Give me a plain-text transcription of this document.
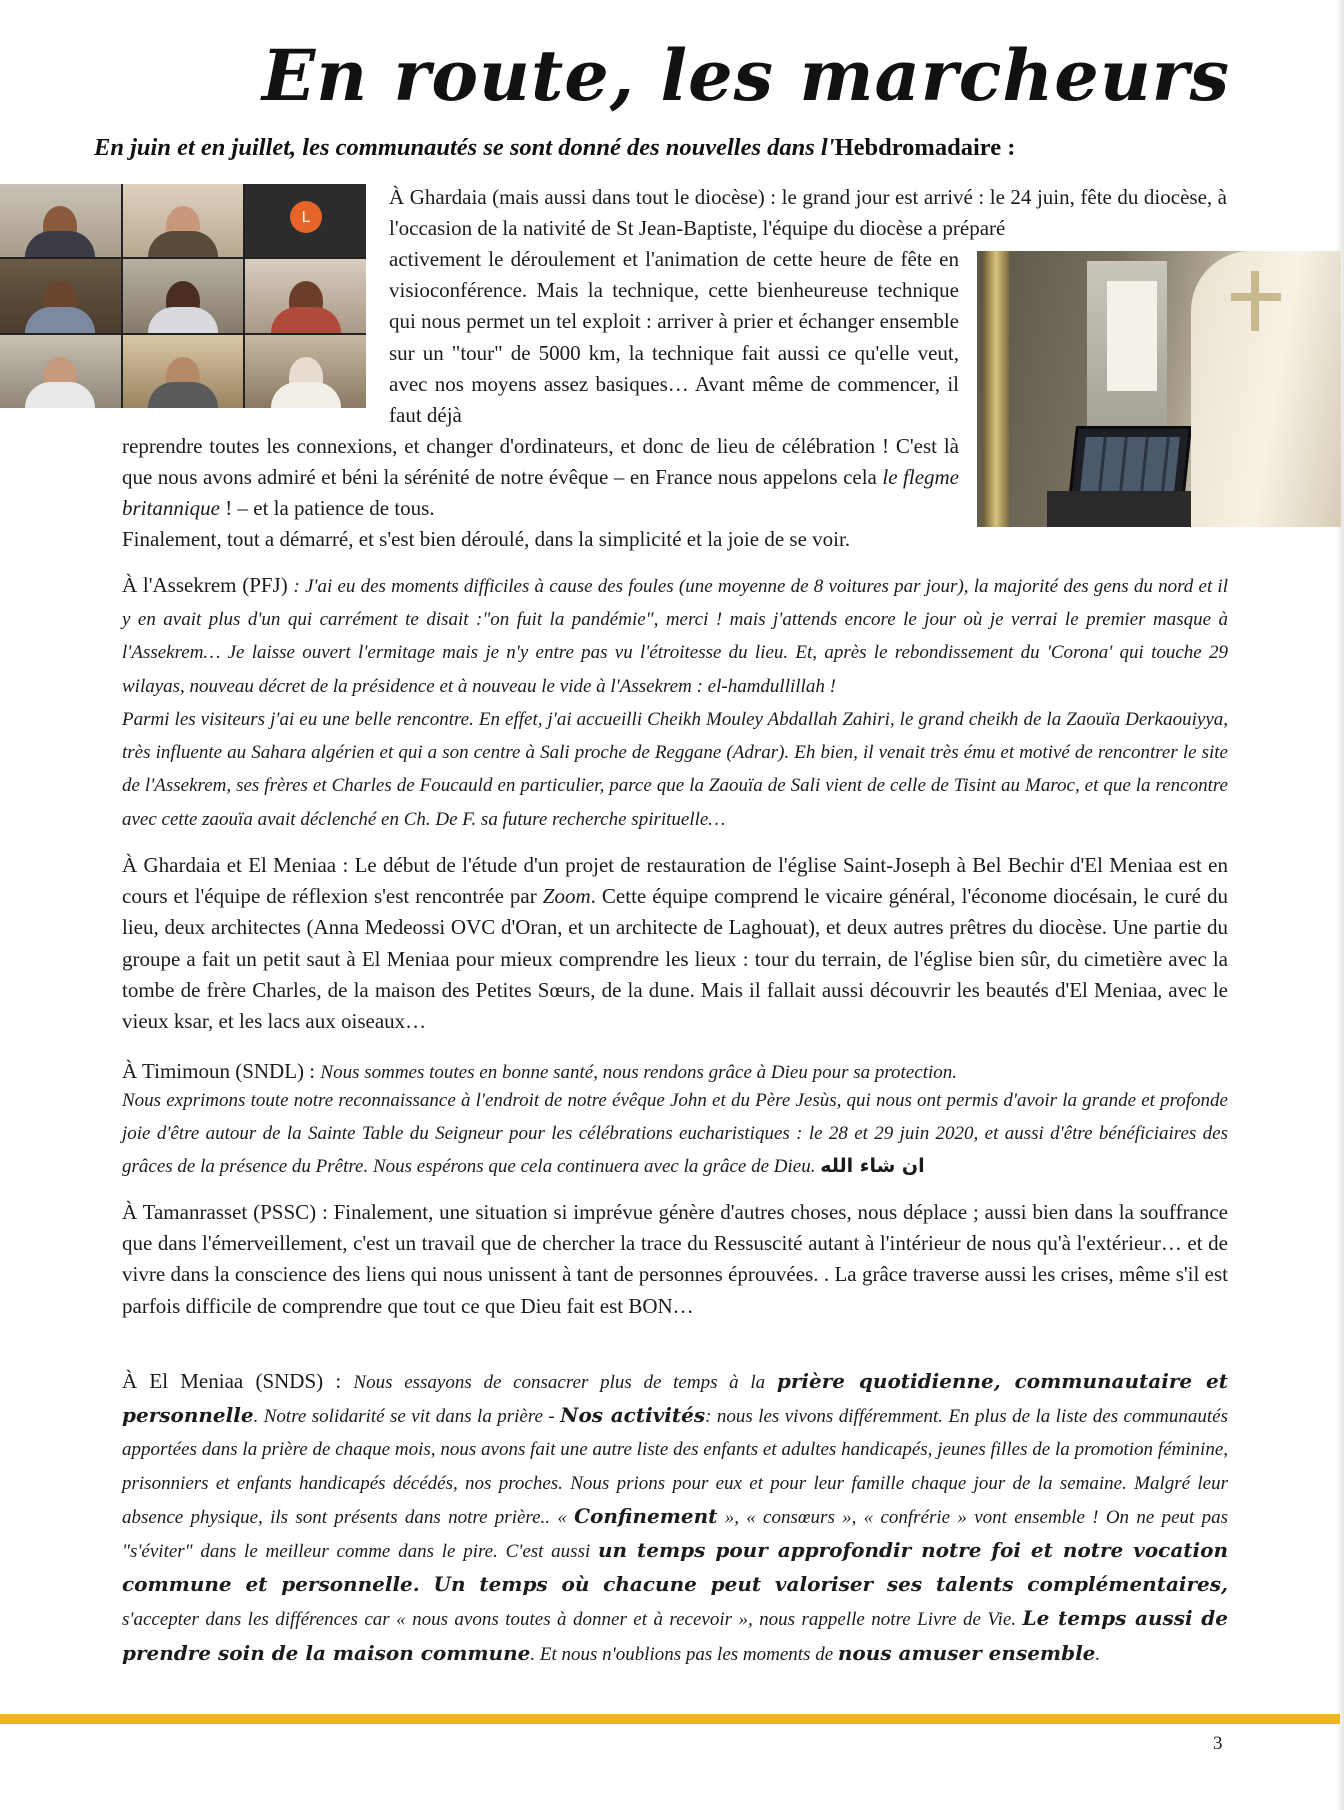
En route, les marcheurs

En juin et en juillet, les communautés se sont donné des nouvelles dans l'Hebdromadaire :

L

À Ghardaia (mais aussi dans tout le diocèse) : le grand jour est arrivé : le 24 juin, fête du diocèse, à l'occasion de la nativité de St Jean-Baptiste, l'équipe du diocèse a préparé

activement le déroulement et l'animation de cette heure de fête en visioconférence. Mais la technique, cette bienheureuse technique qui nous permet un tel exploit : arriver à prier et échanger ensemble sur un "tour" de 5000 km, la technique fait aussi ce qu'elle veut, avec nos moyens assez basiques… Avant même de commencer, il faut déjà

reprendre toutes les connexions, et changer d'ordinateurs, et donc de lieu de célébration ! C'est là que nous avons admiré et béni la sérénité de notre évêque – en France nous appelons cela le flegme britannique ! – et la patience de tous.

Finalement, tout a démarré, et s'est bien déroulé, dans la simplicité et la joie de se voir.

À l'Assekrem (PFJ) : J'ai eu des moments difficiles à cause des foules (une moyenne de 8 voitures par jour), la majorité des gens du nord et il y en avait plus d'un qui carrément te disait :"on fuit la pandémie", merci ! mais j'attends encore le jour où je verrai le premier masque à l'Assekrem… Je laisse ouvert l'ermitage mais je n'y entre pas vu l'étroitesse du lieu. Et, après le rebondissement du 'Corona' qui touche 29 wilayas, nouveau décret de la présidence et à nouveau le vide à l'Assekrem : el-hamdullillah !

Parmi les visiteurs j'ai eu une belle rencontre. En effet, j'ai accueilli Cheikh Mouley Abdallah Zahiri, le grand cheikh de la Zaouïa Derkaouiyya, très influente au Sahara algérien et qui a son centre à Sali proche de Reggane (Adrar). Eh bien, il venait très ému et motivé de rencontrer le site de l'Assekrem, ses frères et Charles de Foucauld en particulier, parce que la Zaouïa de Sali vient de celle de Tisint au Maroc, et que la rencontre avec cette zaouïa avait déclenché en Ch. De F. sa future recherche spirituelle…

À Ghardaia et El Meniaa : Le début de l'étude d'un projet de restauration de l'église Saint-Joseph à Bel Bechir d'El Meniaa est en cours et l'équipe de réflexion s'est rencontrée par Zoom. Cette équipe comprend le vicaire général, l'économe diocésain, le curé du lieu, deux architectes (Anna Medeossi OVC d'Oran, et un architecte de Laghouat), et deux autres prêtres du diocèse. Une partie du groupe a fait un petit saut à El Meniaa pour mieux comprendre les lieux : tour du terrain, de l'église bien sûr, du cimetière avec la tombe de frère Charles, de la maison des Petites Sœurs, de la dune. Mais il fallait aussi découvrir les beautés d'El Meniaa, avec le vieux ksar, et les lacs aux oiseaux…

À Timimoun (SNDL) : Nous sommes toutes en bonne santé, nous rendons grâce à Dieu pour sa protection.

Nous exprimons toute notre reconnaissance à l'endroit de notre évêque John et du Père Jesùs, qui nous ont permis d'avoir la grande et profonde joie d'être autour de la Sainte Table du Seigneur pour les célébrations eucharistiques : le 28 et 29 juin 2020, et aussi d'être bénéficiaires des grâces de la présence du Prêtre. Nous espérons que cela continuera avec la grâce de Dieu. ان شاء الله

À Tamanrasset (PSSC) : Finalement, une situation si imprévue génère d'autres choses, nous déplace ; aussi bien dans la souffrance que dans l'émerveillement, c'est un travail que de chercher la trace du Ressuscité autant à l'intérieur de nous qu'à l'extérieur… et de vivre dans la conscience des liens qui nous unissent à tant de personnes éprouvées. . La grâce traverse aussi les crises, même s'il est parfois difficile de comprendre que tout ce que Dieu fait est BON…

À El Meniaa (SNDS) : Nous essayons de consacrer plus de temps à la prière quotidienne, communautaire et personnelle. Notre solidarité se vit dans la prière - Nos activités: nous les vivons différemment. En plus de la liste des communautés apportées dans la prière de chaque mois, nous avons fait une autre liste des enfants et adultes handicapés, jeunes filles de la promotion féminine, prisonniers et enfants handicapés décédés, nos proches. Nous prions pour eux et pour leur famille chaque jour de la semaine. Malgré leur absence physique, ils sont présents dans notre prière.. « Confinement », « consœurs », « confrérie » vont ensemble ! On ne peut pas "s'éviter" dans le meilleur comme dans le pire. C'est aussi un temps pour approfondir notre foi et notre vocation commune et personnelle. Un temps où chacune peut valoriser ses talents complémentaires, s'accepter dans les différences car « nous avons toutes à donner et à recevoir », nous rappelle notre Livre de Vie. Le temps aussi de prendre soin de la maison commune. Et nous n'oublions pas les moments de nous amuser ensemble.

3
